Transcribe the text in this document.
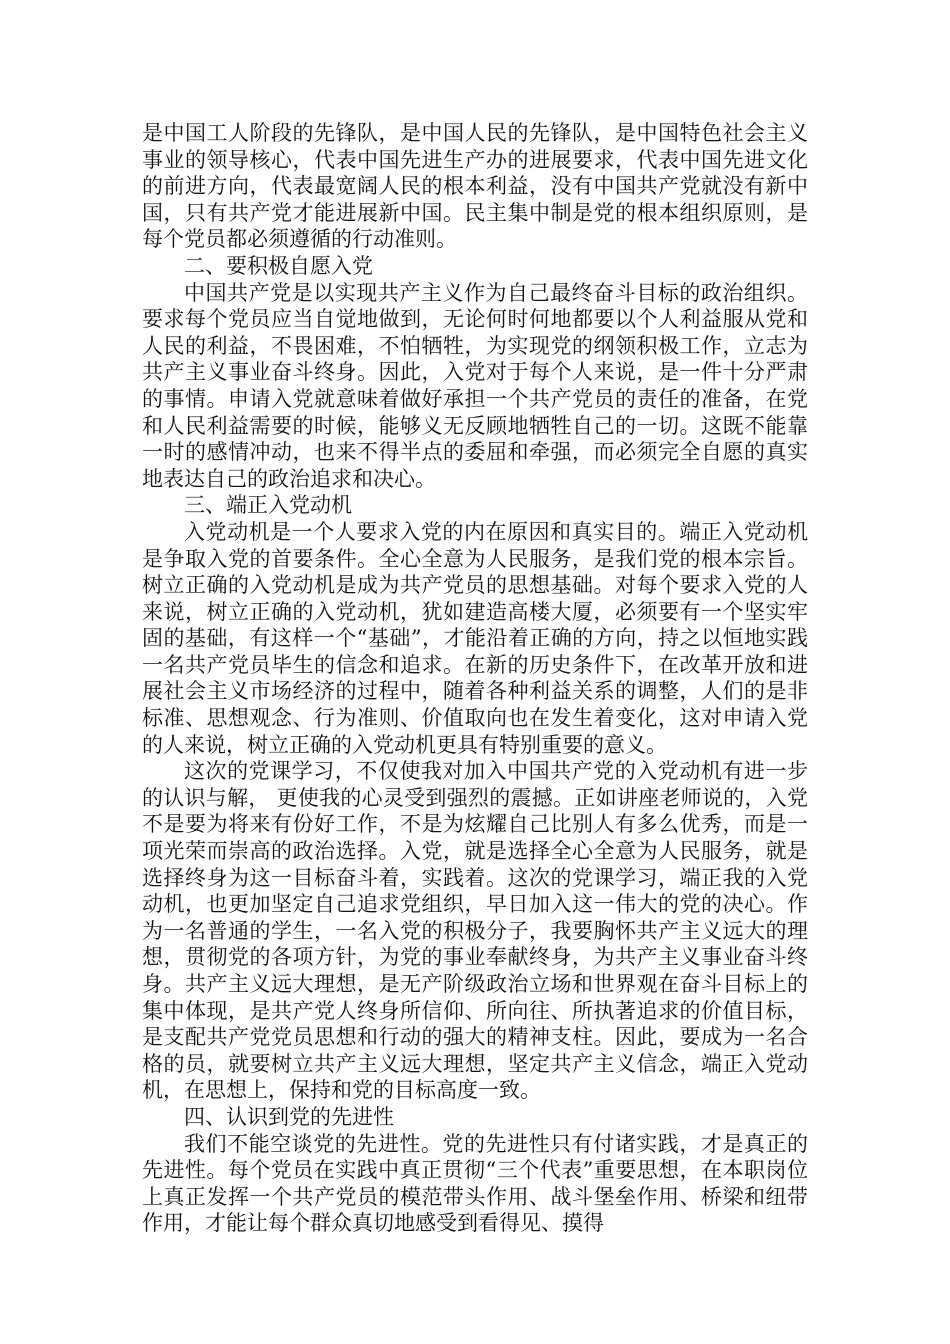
是中国工人阶段的先锋队，是中国人民的先锋队，是中国特色社会主义事业的领导核心，代表中国先进生产办的进展要求，代表中国先进文化的前进方向，代表最宽阔人民的根本利益，没有中国共产党就没有新中国，只有共产党才能进展新中国。民主集中制是党的根本组织原则，是每个党员都必须遵循的行动准则。

二、要积极自愿入党

中国共产党是以实现共产主义作为自己最终奋斗目标的政治组织。要求每个党员应当自觉地做到，无论何时何地都要以个人利益服从党和人民的利益，不畏困难，不怕牺牲，为实现党的纲领积极工作，立志为共产主义事业奋斗终身。因此，入党对于每个人来说，是一件十分严肃的事情。申请入党就意味着做好承担一个共产党员的责任的准备，在党和人民利益需要的时候，能够义无反顾地牺牲自己的一切。这既不能靠一时的感情冲动，也来不得半点的委屈和牵强，而必须完全自愿的真实地表达自己的政治追求和决心。

三、端正入党动机

入党动机是一个人要求入党的内在原因和真实目的。端正入党动机是争取入党的首要条件。全心全意为人民服务，是我们党的根本宗旨。树立正确的入党动机是成为共产党员的思想基础。对每个要求入党的人来说，树立正确的入党动机，犹如建造高楼大厦，必须要有一个坚实牢固的基础，有这样一个“基础”，才能沿着正确的方向，持之以恒地实践一名共产党员毕生的信念和追求。在新的历史条件下，在改革开放和进展社会主义市场经济的过程中，随着各种利益关系的调整，人们的是非标准、思想观念、行为准则、价值取向也在发生着变化，这对申请入党的人来说，树立正确的入党动机更具有特别重要的意义。

这次的党课学习，不仅使我对加入中国共产党的入党动机有进一步的认识与解， 更使我的心灵受到强烈的震撼。正如讲座老师说的，入党不是要为将来有份好工作，不是为炫耀自己比别人有多么优秀，而是一项光荣而崇高的政治选择。入党，就是选择全心全意为人民服务，就是选择终身为这一目标奋斗着，实践着。这次的党课学习，端正我的入党动机，也更加坚定自己追求党组织，早日加入这一伟大的党的决心。作为一名普通的学生，一名入党的积极分子，我要胸怀共产主义远大的理想，贯彻党的各项方针，为党的事业奉献终身，为共产主义事业奋斗终身。共产主义远大理想，是无产阶级政治立场和世界观在奋斗目标上的集中体现，是共产党人终身所信仰、所向往、所执著追求的价值目标，是支配共产党党员思想和行动的强大的精神支柱。因此，要成为一名合格的员，就要树立共产主义远大理想，坚定共产主义信念，端正入党动机，在思想上，保持和党的目标高度一致。

四、认识到党的先进性

我们不能空谈党的先进性。党的先进性只有付诸实践，才是真正的先进性。每个党员在实践中真正贯彻“三个代表”重要思想，在本职岗位上真正发挥一个共产党员的模范带头作用、战斗堡垒作用、桥梁和纽带作用，才能让每个群众真切地感受到看得见、摸得
